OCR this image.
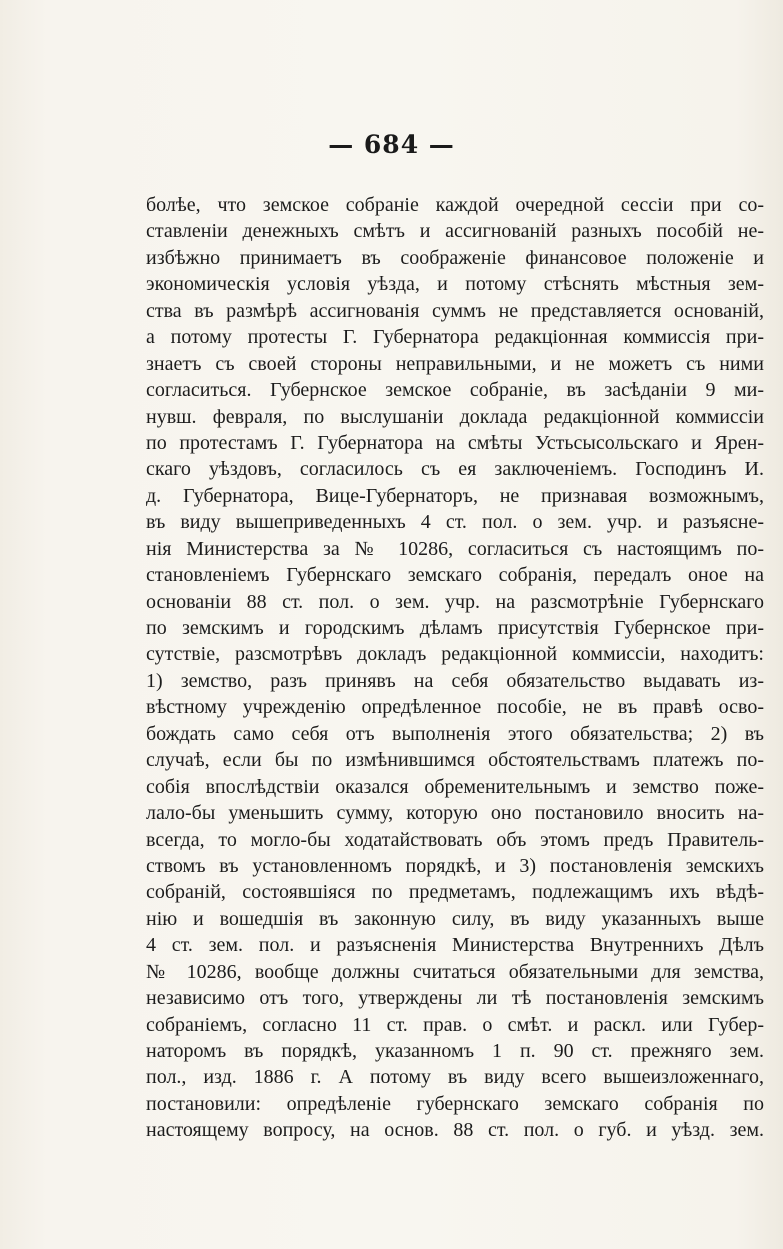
— 684 —
болѣе, что земское собраніе каждой очередной сессіи при со-
ставленіи денежныхъ смѣтъ и ассигнованій разныхъ пособій не-
избѣжно принимаетъ въ соображеніе финансовое положеніе и
экономическія условія уѣзда, и потому стѣснять мѣстныя зем-
ства въ размѣрѣ ассигнованія суммъ не представляется основаній,
а потому протесты Г. Губернатора редакціонная коммиссія при-
знаетъ съ своей стороны неправильными, и не можетъ съ ними
согласиться. Губернское земское собраніе, въ засѣданіи 9 ми-
нувш. февраля, по выслушаніи доклада редакціонной коммиссіи
по протестамъ Г. Губернатора на смѣты Устьсысольскаго и Ярен-
скаго уѣздовъ, согласилось съ ея заключеніемъ. Господинъ И.
д. Губернатора, Вице-Губернаторъ, не признавая возможнымъ,
въ виду вышеприведенныхъ 4 ст. пол. о зем. учр. и разъясне-
нія Министерства за № 10286, согласиться съ настоящимъ по-
становленіемъ Губернскаго земскаго собранія, передалъ оное на
основаніи 88 ст. пол. о зем. учр. на разсмотрѣніе Губернскаго
по земскимъ и городскимъ дѣламъ присутствія Губернское при-
сутствіе, разсмотрѣвъ докладъ редакціонной коммиссіи, находитъ:
1) земство, разъ принявъ на себя обязательство выдавать из-
вѣстному учрежденію опредѣленное пособіе, не въ правѣ осво-
бождать само себя отъ выполненія этого обязательства; 2) въ
случаѣ, если бы по измѣнившимся обстоятельствамъ платежъ по-
собія впослѣдствіи оказался обременительнымъ и земство поже-
лало-бы уменьшить сумму, которую оно постановило вносить на-
всегда, то могло-бы ходатайствовать объ этомъ предъ Правитель-
ствомъ въ установленномъ порядкѣ, и 3) постановленія земскихъ
собраній, состоявшіяся по предметамъ, подлежащимъ ихъ вѣдѣ-
нію и вошедшія въ законную силу, въ виду указанныхъ выше
4 ст. зем. пол. и разъясненія Министерства Внутреннихъ Дѣлъ
№ 10286, вообще должны считаться обязательными для земства,
независимо отъ того, утверждены ли тѣ постановленія земскимъ
собраніемъ, согласно 11 ст. прав. о смѣт. и раскл. или Губер-
наторомъ въ порядкѣ, указанномъ 1 п. 90 ст. прежняго зем.
пол., изд. 1886 г. А потому въ виду всего вышеизложеннаго,
постановили: опредѣленіе губернскаго земскаго собранія по
настоящему вопросу, на основ. 88 ст. пол. о губ. и уѣзд. зем.
